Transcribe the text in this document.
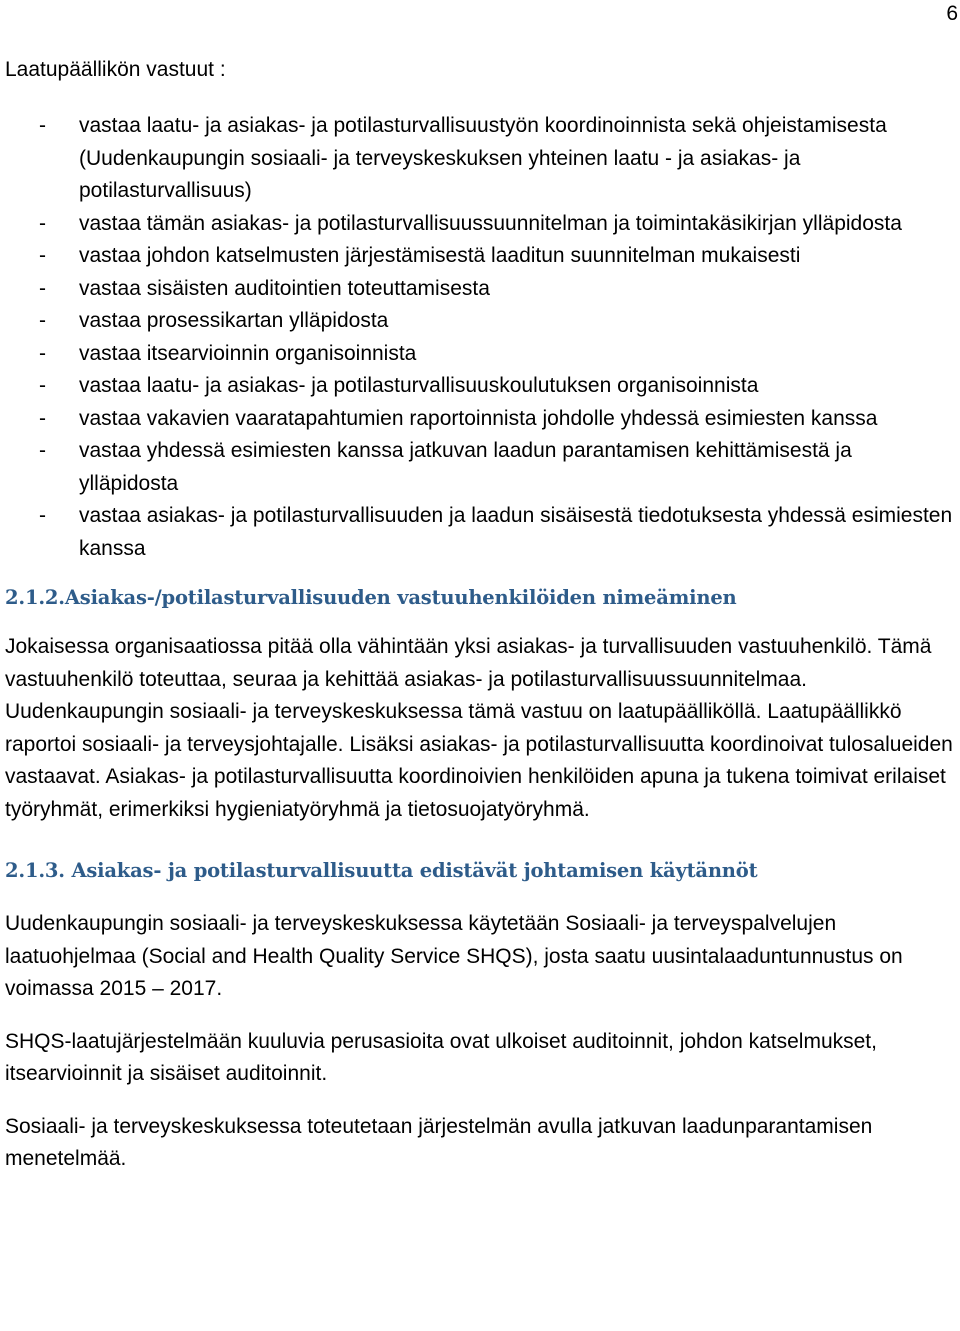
6

Laatupäällikön vastuut :

- vastaa laatu- ja asiakas- ja potilasturvallisuustyön koordinoinnista sekä ohjeistamisesta (Uudenkaupungin sosiaali- ja terveyskeskuksen yhteinen laatu - ja asiakas- ja potilasturvallisuus)
- vastaa tämän asiakas- ja potilasturvallisuussuunnitelman ja toimintakäsikirjan ylläpidosta
- vastaa johdon katselmusten järjestämisestä laaditun suunnitelman mukaisesti
- vastaa sisäisten auditointien toteuttamisesta
- vastaa prosessikartan ylläpidosta
- vastaa itsearvioinnin organisoinnista
- vastaa laatu- ja asiakas- ja potilasturvallisuuskoulutuksen organisoinnista
- vastaa vakavien vaaratapahtumien raportoinnista johdolle yhdessä esimiesten kanssa
- vastaa yhdessä esimiesten kanssa jatkuvan laadun parantamisen kehittämisestä ja ylläpidosta
- vastaa asiakas- ja potilasturvallisuuden ja laadun sisäisestä tiedotuksesta yhdessä esimiesten kanssa
2.1.2.Asiakas-/potilasturvallisuuden vastuuhenkilöiden nimeäminen

Jokaisessa organisaatiossa pitää olla vähintään yksi asiakas- ja turvallisuuden vastuuhenkilö. Tämä vastuuhenkilö toteuttaa, seuraa ja kehittää asiakas- ja potilasturvallisuussuunnitelmaa. Uudenkaupungin sosiaali- ja terveyskeskuksessa tämä vastuu on laatupäälliköllä. Laatupäällikkö raportoi sosiaali- ja terveysjohtajalle. Lisäksi asiakas- ja potilasturvallisuutta koordinoivat tulosalueiden vastaavat. Asiakas- ja potilasturvallisuutta koordinoivien henkilöiden apuna ja tukena toimivat erilaiset työryhmät, erimerkiksi hygieniatyöryhmä ja tietosuojatyöryhmä.

2.1.3. Asiakas- ja potilasturvallisuutta edistävät johtamisen käytännöt

Uudenkaupungin sosiaali- ja terveyskeskuksessa käytetään Sosiaali- ja terveyspalvelujen laatuohjelmaa (Social and Health Quality Service SHQS), josta saatu uusintalaaduntunnustus on voimassa 2015 – 2017.

SHQS-laatujärjestelmään kuuluvia perusasioita ovat ulkoiset auditoinnit, johdon katselmukset, itsearvioinnit ja sisäiset auditoinnit.

Sosiaali- ja terveyskeskuksessa toteutetaan järjestelmän avulla jatkuvan laadunparantamisen menetelmää.
